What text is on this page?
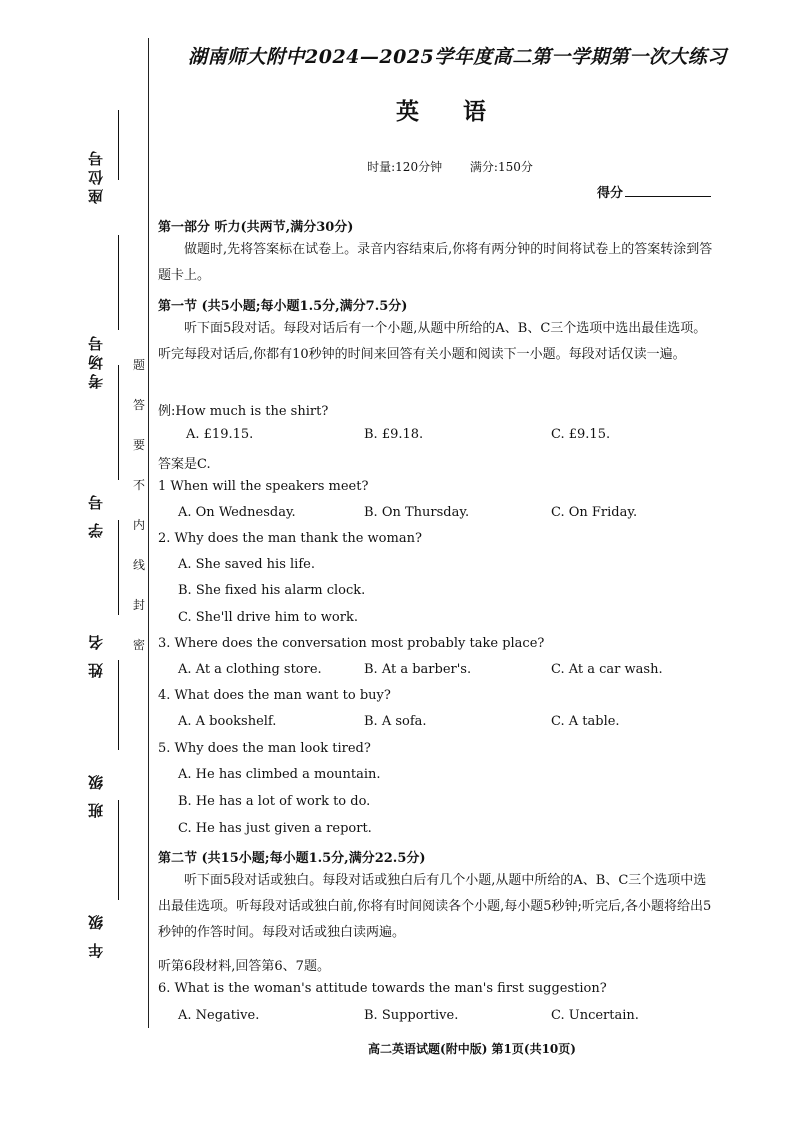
座位号
考场号
学 号
姓 名
班 级
年 级
题
答
要
不
内
线
封
密
湖南师大附中2024—2025学年度高二第一学期第一次大练习
英 语
时量:120分钟 满分:150分
得分
第一部分 听力(共两节,满分30分)
做题时,先将答案标在试卷上。录音内容结束后,你将有两分钟的时间将试卷上的答案转涂到答题卡上。
第一节 (共5小题;每小题1.5分,满分7.5分)
听下面5段对话。每段对话后有一个小题,从题中所给的A、B、C三个选项中选出最佳选项。听完每段对话后,你都有10秒钟的时间来回答有关小题和阅读下一小题。每段对话仅读一遍。
例:How much is the shirt?
A. £19.15.	B. £9.18.	C. £9.15.
答案是C.
1 When will the speakers meet?
A. On Wednesday.	B. On Thursday.	C. On Friday.
2. Why does the man thank the woman?
A. She saved his life.
B. She fixed his alarm clock.
C. She'll drive him to work.
3. Where does the conversation most probably take place?
A. At a clothing store.	B. At a barber's.	C. At a car wash.
4. What does the man want to buy?
A. A bookshelf.	B. A sofa.	C. A table.
5. Why does the man look tired?
A. He has climbed a mountain.
B. He has a lot of work to do.
C. He has just given a report.
第二节 (共15小题;每小题1.5分,满分22.5分)
听下面5段对话或独白。每段对话或独白后有几个小题,从题中所给的A、B、C三个选项中选出最佳选项。听每段对话或独白前,你将有时间阅读各个小题,每小题5秒钟;听完后,各小题将给出5秒钟的作答时间。每段对话或独白读两遍。
听第6段材料,回答第6、7题。
6. What is the woman's attitude towards the man's first suggestion?
A. Negative.	B. Supportive.	C. Uncertain.
高二英语试题(附中版) 第1页(共10页)
